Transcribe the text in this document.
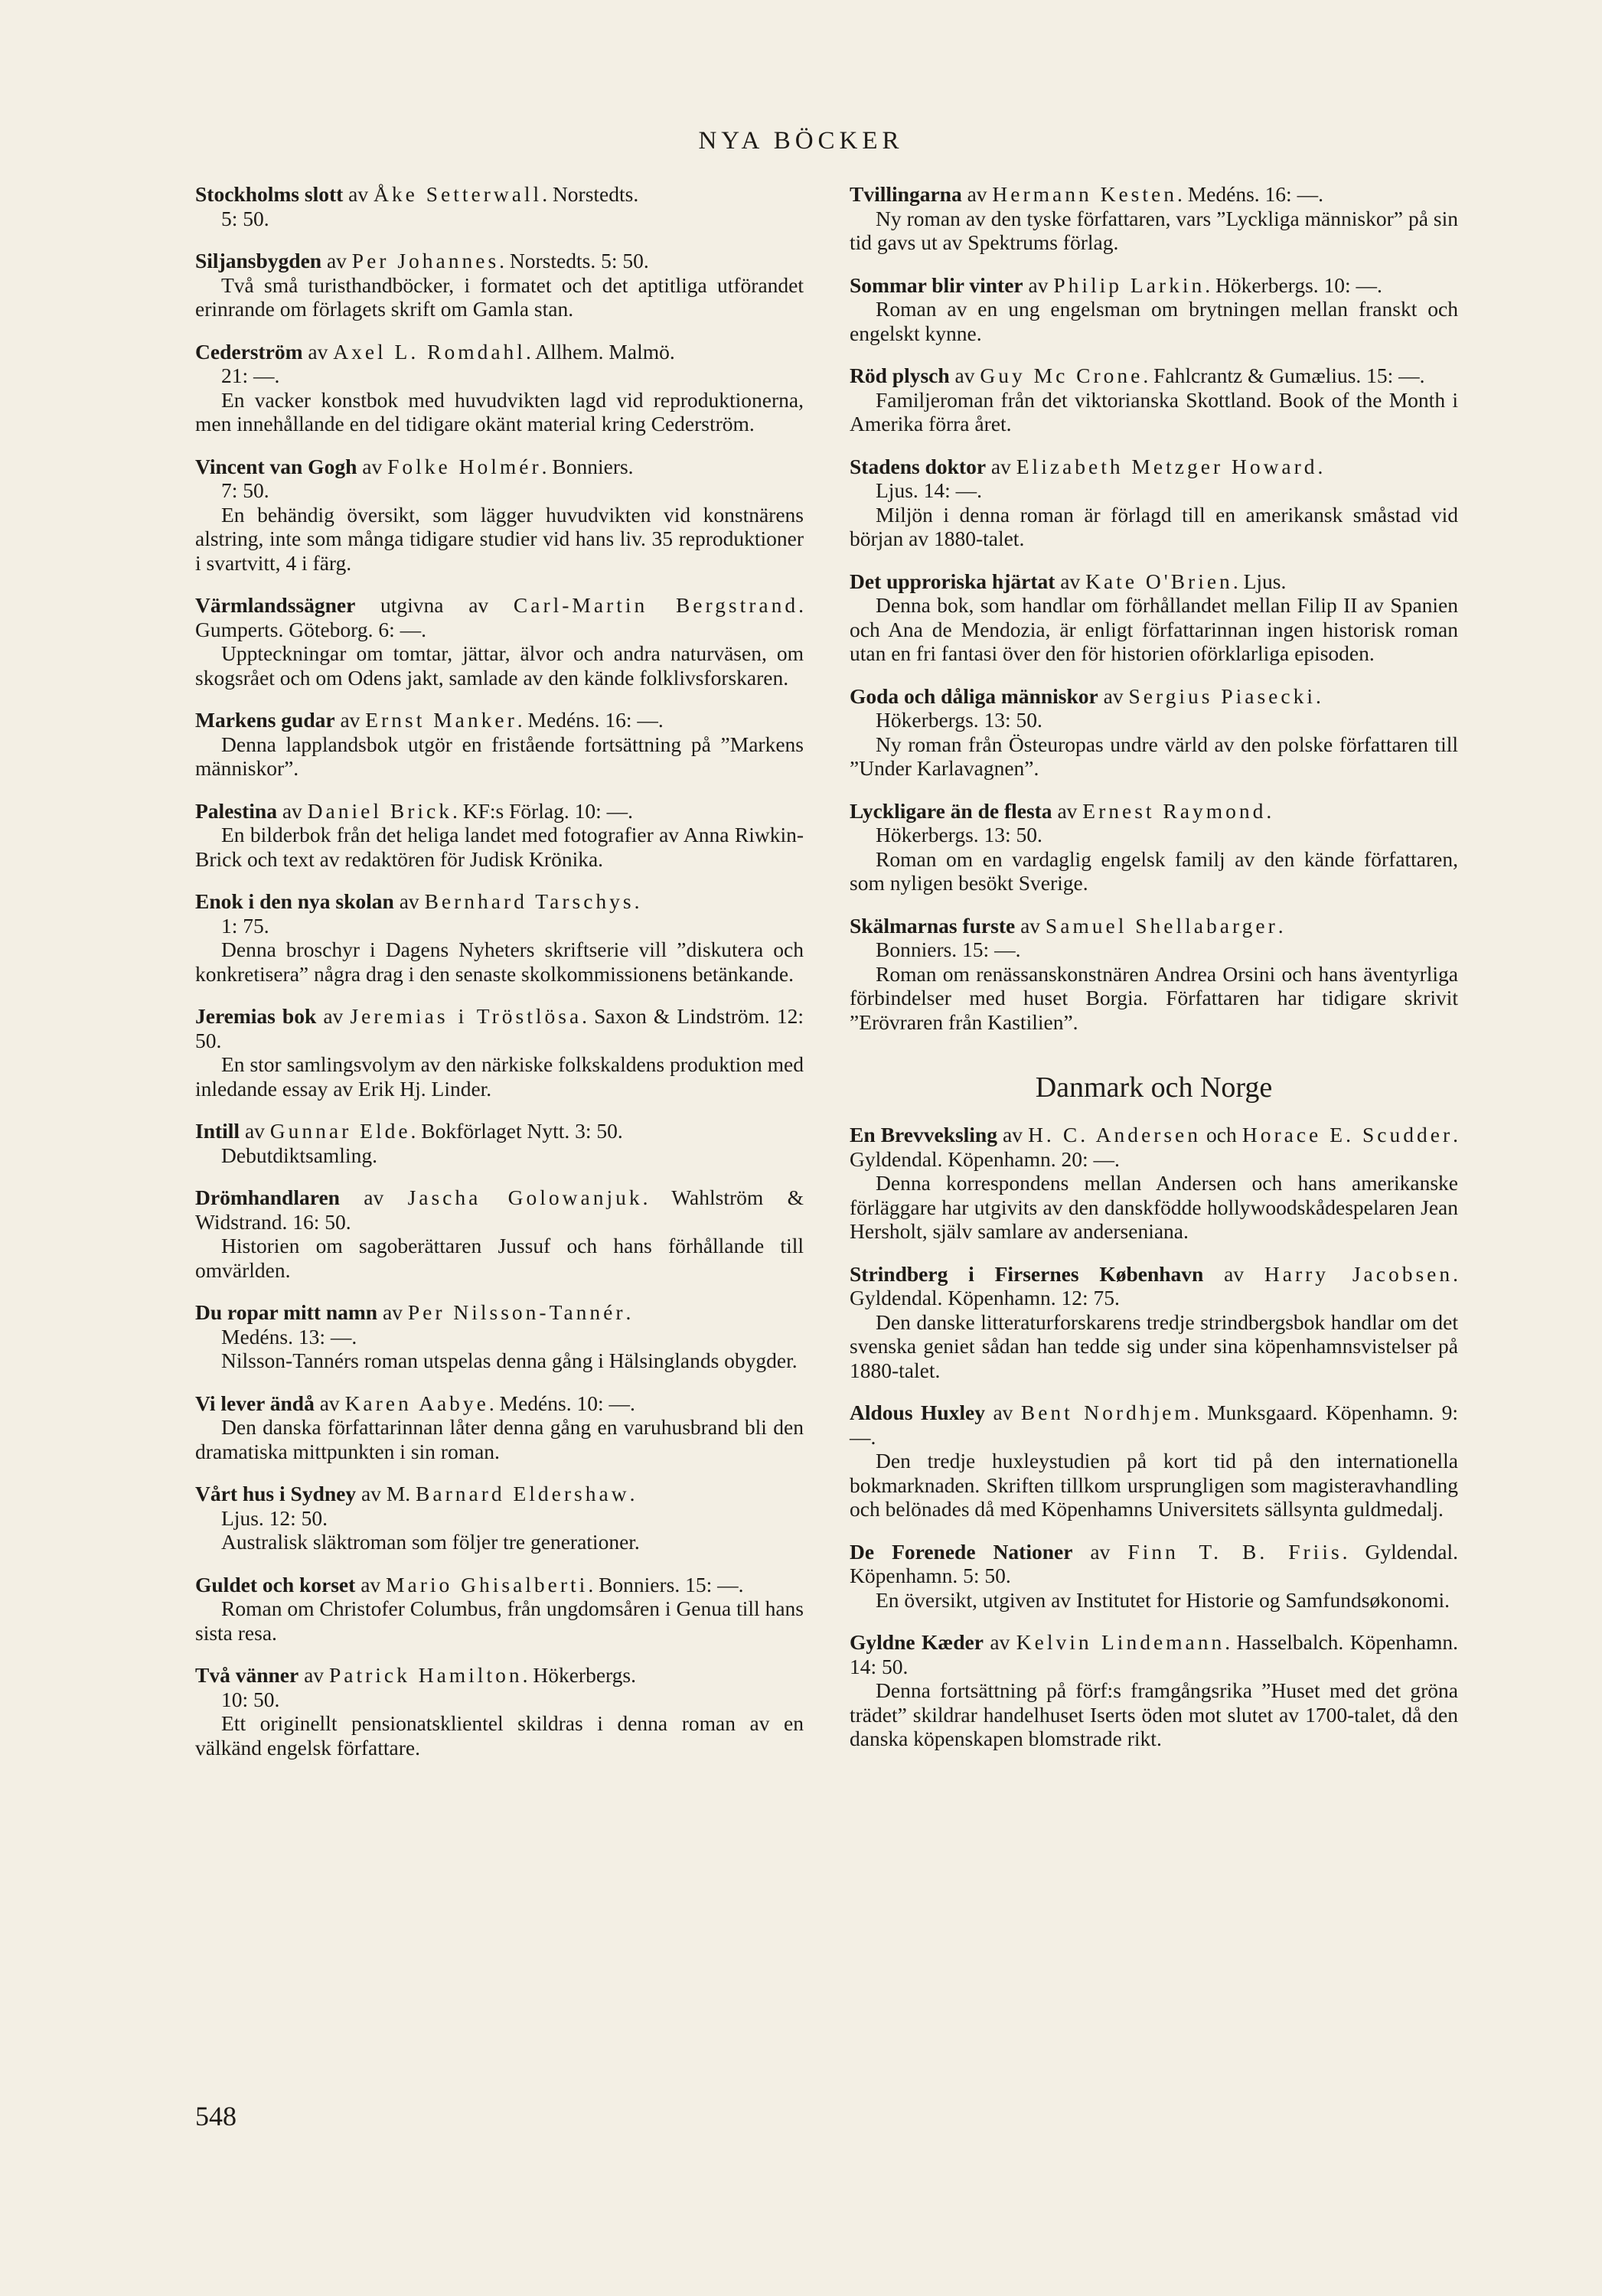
NYA BÖCKER

Stockholms slott av Åke Setterwall. Norstedts.

5: 50.

Siljansbygden av Per Johannes. Norstedts. 5: 50.

Två små turisthandböcker, i formatet och det aptitliga utförandet erinrande om förlagets skrift om Gamla stan.

Cederström av Axel L. Romdahl. Allhem. Malmö.

21: —.

En vacker konstbok med huvudvikten lagd vid reproduktionerna, men innehållande en del tidigare okänt material kring Cederström.

Vincent van Gogh av Folke Holmér. Bonniers.

7: 50.

En behändig översikt, som lägger huvudvikten vid konstnärens alstring, inte som många tidigare studier vid hans liv. 35 reproduktioner i svartvitt, 4 i färg.

Värmlandssägner utgivna av Carl-Martin Bergstrand. Gumperts. Göteborg. 6: —.

Uppteckningar om tomtar, jättar, älvor och andra naturväsen, om skogsrået och om Odens jakt, samlade av den kände folklivsforskaren.

Markens gudar av Ernst Manker. Medéns. 16: —.

Denna lapplandsbok utgör en fristående fortsättning på ”Markens människor”.

Palestina av Daniel Brick. KF:s Förlag. 10: —.

En bilderbok från det heliga landet med fotografier av Anna Riwkin-Brick och text av redaktören för Judisk Krönika.

Enok i den nya skolan av Bernhard Tarschys.

1: 75.

Denna broschyr i Dagens Nyheters skriftserie vill ”diskutera och konkretisera” några drag i den senaste skolkommissionens betänkande.

Jeremias bok av Jeremias i Tröstlösa. Saxon & Lindström. 12: 50.

En stor samlingsvolym av den närkiske folkskaldens produktion med inledande essay av Erik Hj. Linder.

Intill av Gunnar Elde. Bokförlaget Nytt. 3: 50.

Debutdiktsamling.

Drömhandlaren av Jascha Golowanjuk. Wahlström & Widstrand. 16: 50.

Historien om sagoberättaren Jussuf och hans förhållande till omvärlden.

Du ropar mitt namn av Per Nilsson-Tannér.

Medéns. 13: —.

Nilsson-Tannérs roman utspelas denna gång i Hälsinglands obygder.

Vi lever ändå av Karen Aabye. Medéns. 10: —.

Den danska författarinnan låter denna gång en varuhusbrand bli den dramatiska mittpunkten i sin roman.

Vårt hus i Sydney av M. Barnard Eldershaw.

Ljus. 12: 50.

Australisk släktroman som följer tre generationer.

Guldet och korset av Mario Ghisalberti. Bonniers. 15: —.

Roman om Christofer Columbus, från ungdomsåren i Genua till hans sista resa.

Två vänner av Patrick Hamilton. Hökerbergs.

10: 50.

Ett originellt pensionatsklientel skildras i denna roman av en välkänd engelsk författare.

Tvillingarna av Hermann Kesten. Medéns. 16: —.

Ny roman av den tyske författaren, vars ”Lyckliga människor” på sin tid gavs ut av Spektrums förlag.

Sommar blir vinter av Philip Larkin. Hökerbergs. 10: —.

Roman av en ung engelsman om brytningen mellan franskt och engelskt kynne.

Röd plysch av Guy Mc Crone. Fahlcrantz & Gumælius. 15: —.

Familjeroman från det viktorianska Skottland. Book of the Month i Amerika förra året.

Stadens doktor av Elizabeth Metzger Howard.

Ljus. 14: —.

Miljön i denna roman är förlagd till en amerikansk småstad vid början av 1880-talet.

Det upproriska hjärtat av Kate O'Brien. Ljus.

Denna bok, som handlar om förhållandet mellan Filip II av Spanien och Ana de Mendozia, är enligt författarinnan ingen historisk roman utan en fri fantasi över den för historien oförklarliga episoden.

Goda och dåliga människor av Sergius Piasecki.

Hökerbergs. 13: 50.

Ny roman från Östeuropas undre värld av den polske författaren till ”Under Karlavagnen”.

Lyckligare än de flesta av Ernest Raymond.

Hökerbergs. 13: 50.

Roman om en vardaglig engelsk familj av den kände författaren, som nyligen besökt Sverige.

Skälmarnas furste av Samuel Shellabarger.

Bonniers. 15: —.

Roman om renässanskonstnären Andrea Orsini och hans äventyrliga förbindelser med huset Borgia. Författaren har tidigare skrivit ”Erövraren från Kastilien”.

Danmark och Norge

En Brevveksling av H. C. Andersen och Horace E. Scudder. Gyldendal. Köpenhamn. 20: —.

Denna korrespondens mellan Andersen och hans amerikanske förläggare har utgivits av den danskfödde hollywoodskådespelaren Jean Hersholt, själv samlare av anderseniana.

Strindberg i Firsernes København av Harry Jacobsen. Gyldendal. Köpenhamn. 12: 75.

Den danske litteraturforskarens tredje strindbergsbok handlar om det svenska geniet sådan han tedde sig under sina köpenhamnsvistelser på 1880-talet.

Aldous Huxley av Bent Nordhjem. Munksgaard. Köpenhamn. 9: —.

Den tredje huxleystudien på kort tid på den internationella bokmarknaden. Skriften tillkom ursprungligen som magisteravhandling och belönades då med Köpenhamns Universitets sällsynta guldmedalj.

De Forenede Nationer av Finn T. B. Friis. Gyldendal. Köpenhamn. 5: 50.

En översikt, utgiven av Institutet for Historie og Samfundsøkonomi.

Gyldne Kæder av Kelvin Lindemann. Hasselbalch. Köpenhamn. 14: 50.

Denna fortsättning på förf:s framgångsrika ”Huset med det gröna trädet” skildrar handelhuset Iserts öden mot slutet av 1700-talet, då den danska köpenskapen blomstrade rikt.

548
